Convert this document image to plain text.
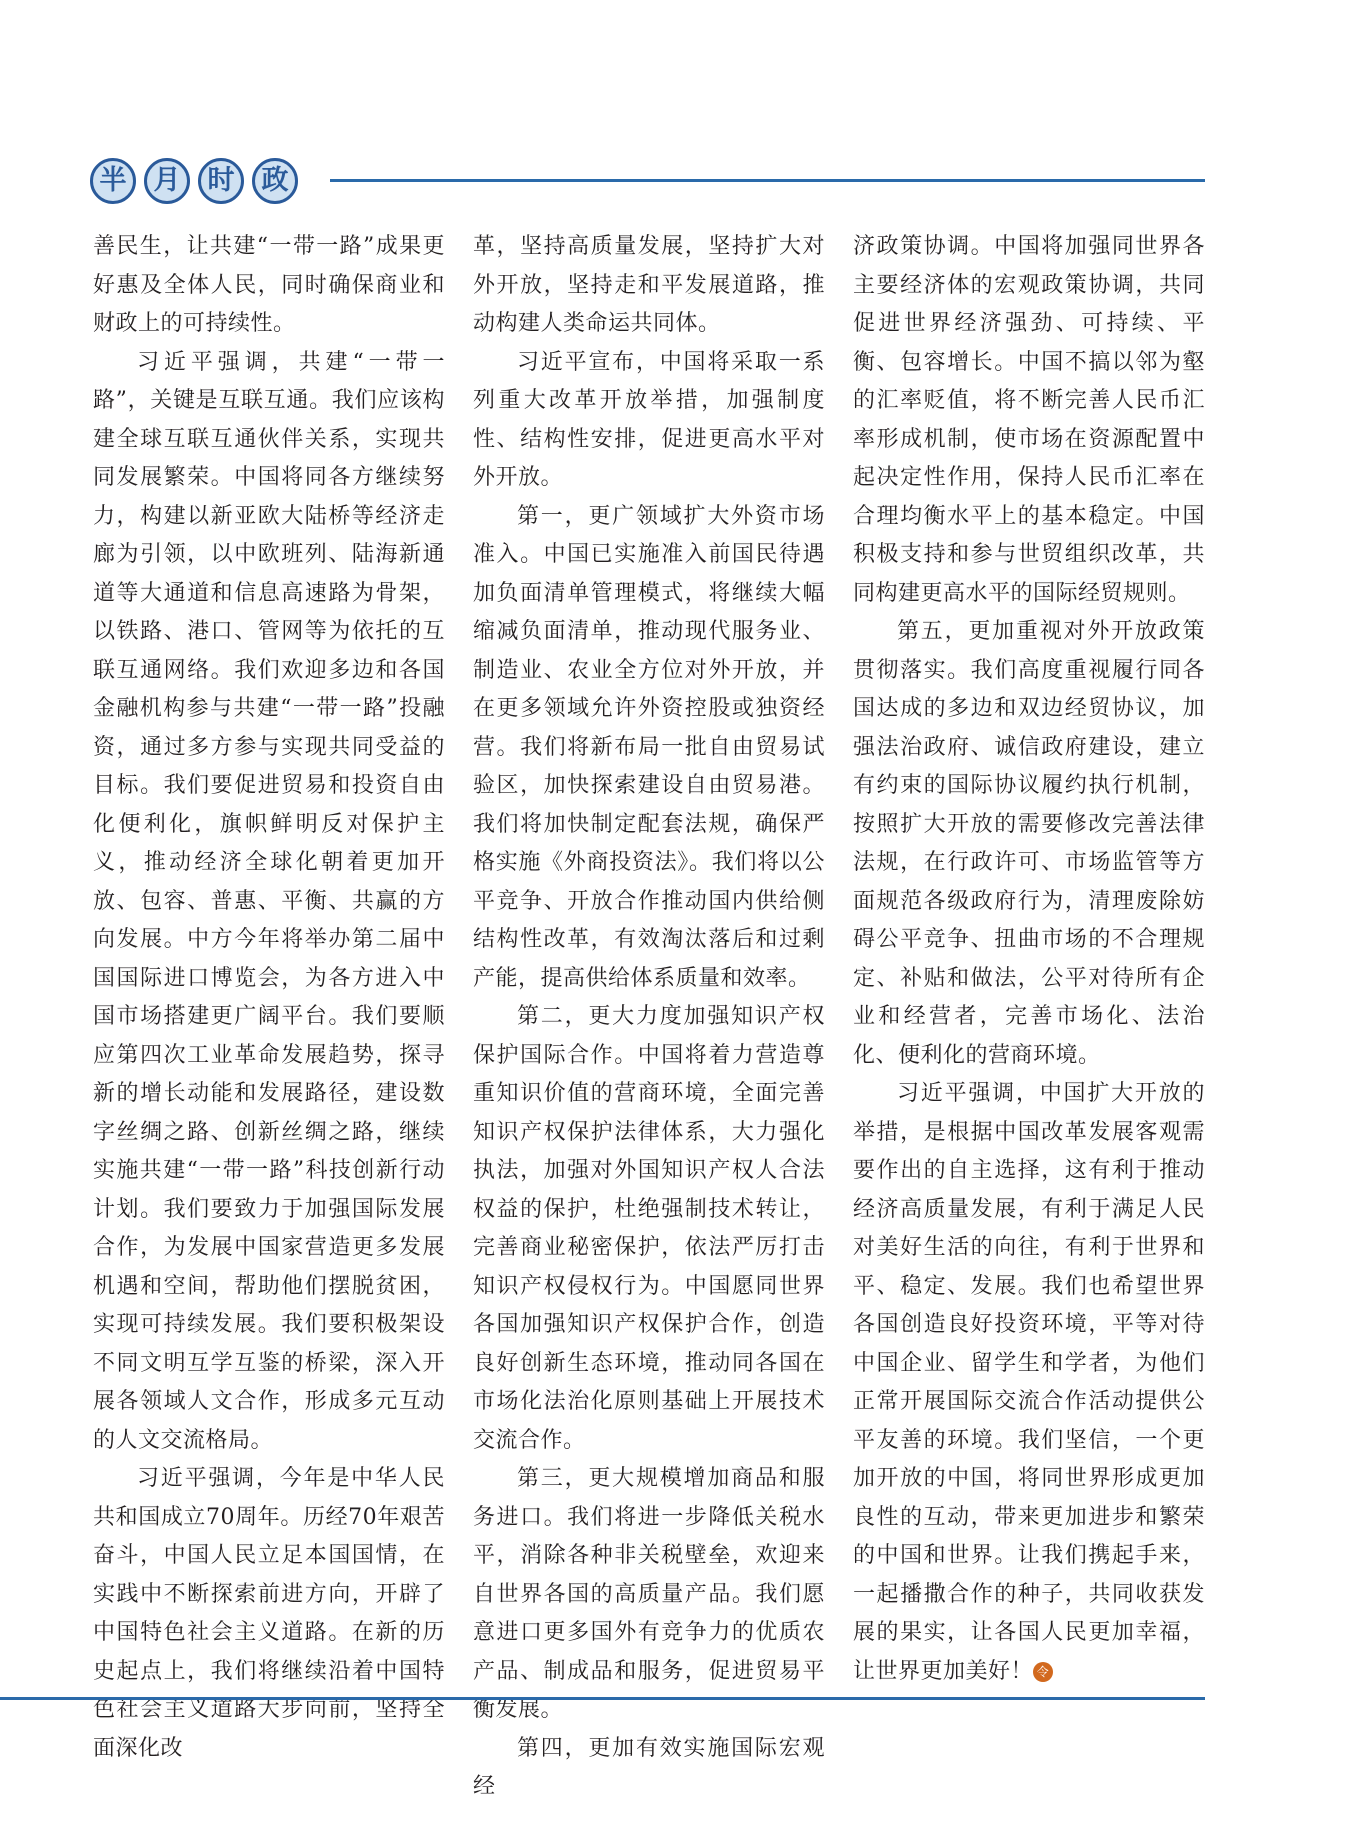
半	月	时	政

善民生，让共建“一带一路”成果更好惠及全体人民，同时确保商业和财政上的可持续性。

习近平强调，共建“一带一路”，关键是互联互通。我们应该构建全球互联互通伙伴关系，实现共同发展繁荣。中国将同各方继续努力，构建以新亚欧大陆桥等经济走廊为引领，以中欧班列、陆海新通道等大通道和信息高速路为骨架，以铁路、港口、管网等为依托的互联互通网络。我们欢迎多边和各国金融机构参与共建“一带一路”投融资，通过多方参与实现共同受益的目标。我们要促进贸易和投资自由化便利化，旗帜鲜明反对保护主义，推动经济全球化朝着更加开放、包容、普惠、平衡、共赢的方向发展。中方今年将举办第二届中国国际进口博览会，为各方进入中国市场搭建更广阔平台。我们要顺应第四次工业革命发展趋势，探寻新的增长动能和发展路径，建设数字丝绸之路、创新丝绸之路，继续实施共建“一带一路”科技创新行动计划。我们要致力于加强国际发展合作，为发展中国家营造更多发展机遇和空间，帮助他们摆脱贫困，实现可持续发展。我们要积极架设不同文明互学互鉴的桥梁，深入开展各领域人文合作，形成多元互动的人文交流格局。

习近平强调，今年是中华人民共和国成立70周年。历经70年艰苦奋斗，中国人民立足本国国情，在实践中不断探索前进方向，开辟了中国特色社会主义道路。在新的历史起点上，我们将继续沿着中国特色社会主义道路大步向前，坚持全面深化改

革，坚持高质量发展，坚持扩大对外开放，坚持走和平发展道路，推动构建人类命运共同体。

习近平宣布，中国将采取一系列重大改革开放举措，加强制度性、结构性安排，促进更高水平对外开放。

第一，更广领域扩大外资市场准入。中国已实施准入前国民待遇加负面清单管理模式，将继续大幅缩减负面清单，推动现代服务业、制造业、农业全方位对外开放，并在更多领域允许外资控股或独资经营。我们将新布局一批自由贸易试验区，加快探索建设自由贸易港。我们将加快制定配套法规，确保严格实施《外商投资法》。我们将以公平竞争、开放合作推动国内供给侧结构性改革，有效淘汰落后和过剩产能，提高供给体系质量和效率。

第二，更大力度加强知识产权保护国际合作。中国将着力营造尊重知识价值的营商环境，全面完善知识产权保护法律体系，大力强化执法，加强对外国知识产权人合法权益的保护，杜绝强制技术转让，完善商业秘密保护，依法严厉打击知识产权侵权行为。中国愿同世界各国加强知识产权保护合作，创造良好创新生态环境，推动同各国在市场化法治化原则基础上开展技术交流合作。

第三，更大规模增加商品和服务进口。我们将进一步降低关税水平，消除各种非关税壁垒，欢迎来自世界各国的高质量产品。我们愿意进口更多国外有竞争力的优质农产品、制成品和服务，促进贸易平衡发展。

第四，更加有效实施国际宏观经

济政策协调。中国将加强同世界各主要经济体的宏观政策协调，共同促进世界经济强劲、可持续、平衡、包容增长。中国不搞以邻为壑的汇率贬值，将不断完善人民币汇率形成机制，使市场在资源配置中起决定性作用，保持人民币汇率在合理均衡水平上的基本稳定。中国积极支持和参与世贸组织改革，共同构建更高水平的国际经贸规则。

第五，更加重视对外开放政策贯彻落实。我们高度重视履行同各国达成的多边和双边经贸协议，加强法治政府、诚信政府建设，建立有约束的国际协议履约执行机制，按照扩大开放的需要修改完善法律法规，在行政许可、市场监管等方面规范各级政府行为，清理废除妨碍公平竞争、扭曲市场的不合理规定、补贴和做法，公平对待所有企业和经营者，完善市场化、法治化、便利化的营商环境。

习近平强调，中国扩大开放的举措，是根据中国改革发展客观需要作出的自主选择，这有利于推动经济高质量发展，有利于满足人民对美好生活的向往，有利于世界和平、稳定、发展。我们也希望世界各国创造良好投资环境，平等对待中国企业、留学生和学者，为他们正常开展国际交流合作活动提供公平友善的环境。我们坚信，一个更加开放的中国，将同世界形成更加良性的互动，带来更加进步和繁荣的中国和世界。让我们携起手来，一起播撒合作的种子，共同收获发展的果实，让各国人民更加幸福，让世界更加美好！ 令
